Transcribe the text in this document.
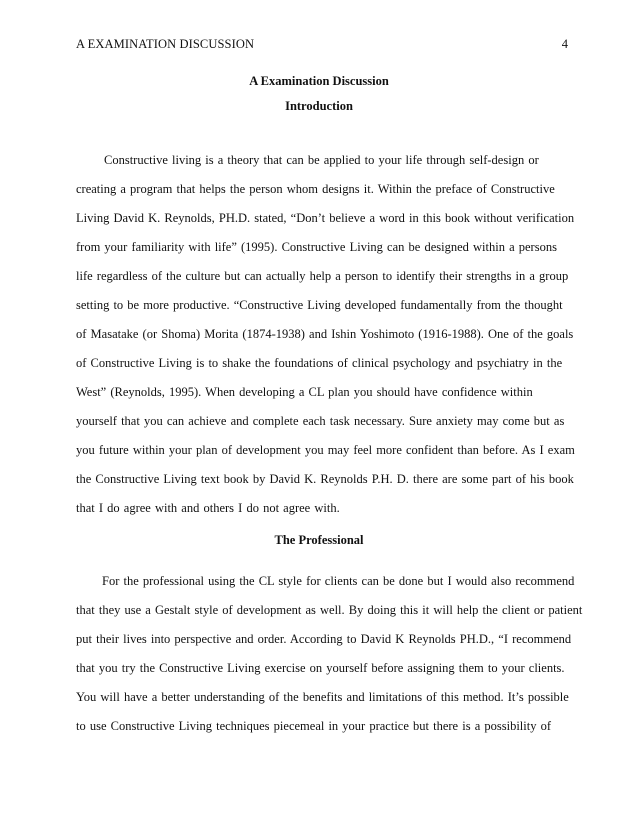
A EXAMINATION DISCUSSION	4
A Examination Discussion
Introduction
Constructive living is a theory that can be applied to your life through self-design or
creating a program that helps the person whom designs it. Within the preface of Constructive
Living David K. Reynolds, PH.D. stated, “Don’t believe a word in this book without verification
from your familiarity with life” (1995). Constructive Living can be designed within a persons
life regardless of the culture but can actually help a person to identify their strengths in a group
setting to be more productive. “Constructive Living developed fundamentally from the thought
of Masatake (or Shoma) Morita (1874-1938) and Ishin Yoshimoto (1916-1988). One of the goals
of Constructive Living is to shake the foundations of clinical psychology and psychiatry in the
West” (Reynolds, 1995). When developing a CL plan you should have confidence within
yourself that you can achieve and complete each task necessary. Sure anxiety may come but as
you future within your plan of development you may feel more confident than before. As I exam
the Constructive Living text book by David K. Reynolds P.H. D. there are some part of his book
that I do agree with and others I do not agree with.
The Professional
For the professional using the CL style for clients can be done but I would also recommend
that they use a Gestalt style of development as well. By doing this it will help the client or patient
put their lives into perspective and order. According to David K Reynolds PH.D., “I recommend
that you try the Constructive Living exercise on yourself before assigning them to your clients.
You will have a better understanding of the benefits and limitations of this method. It’s possible
to use Constructive Living techniques piecemeal in your practice but there is a possibility of
